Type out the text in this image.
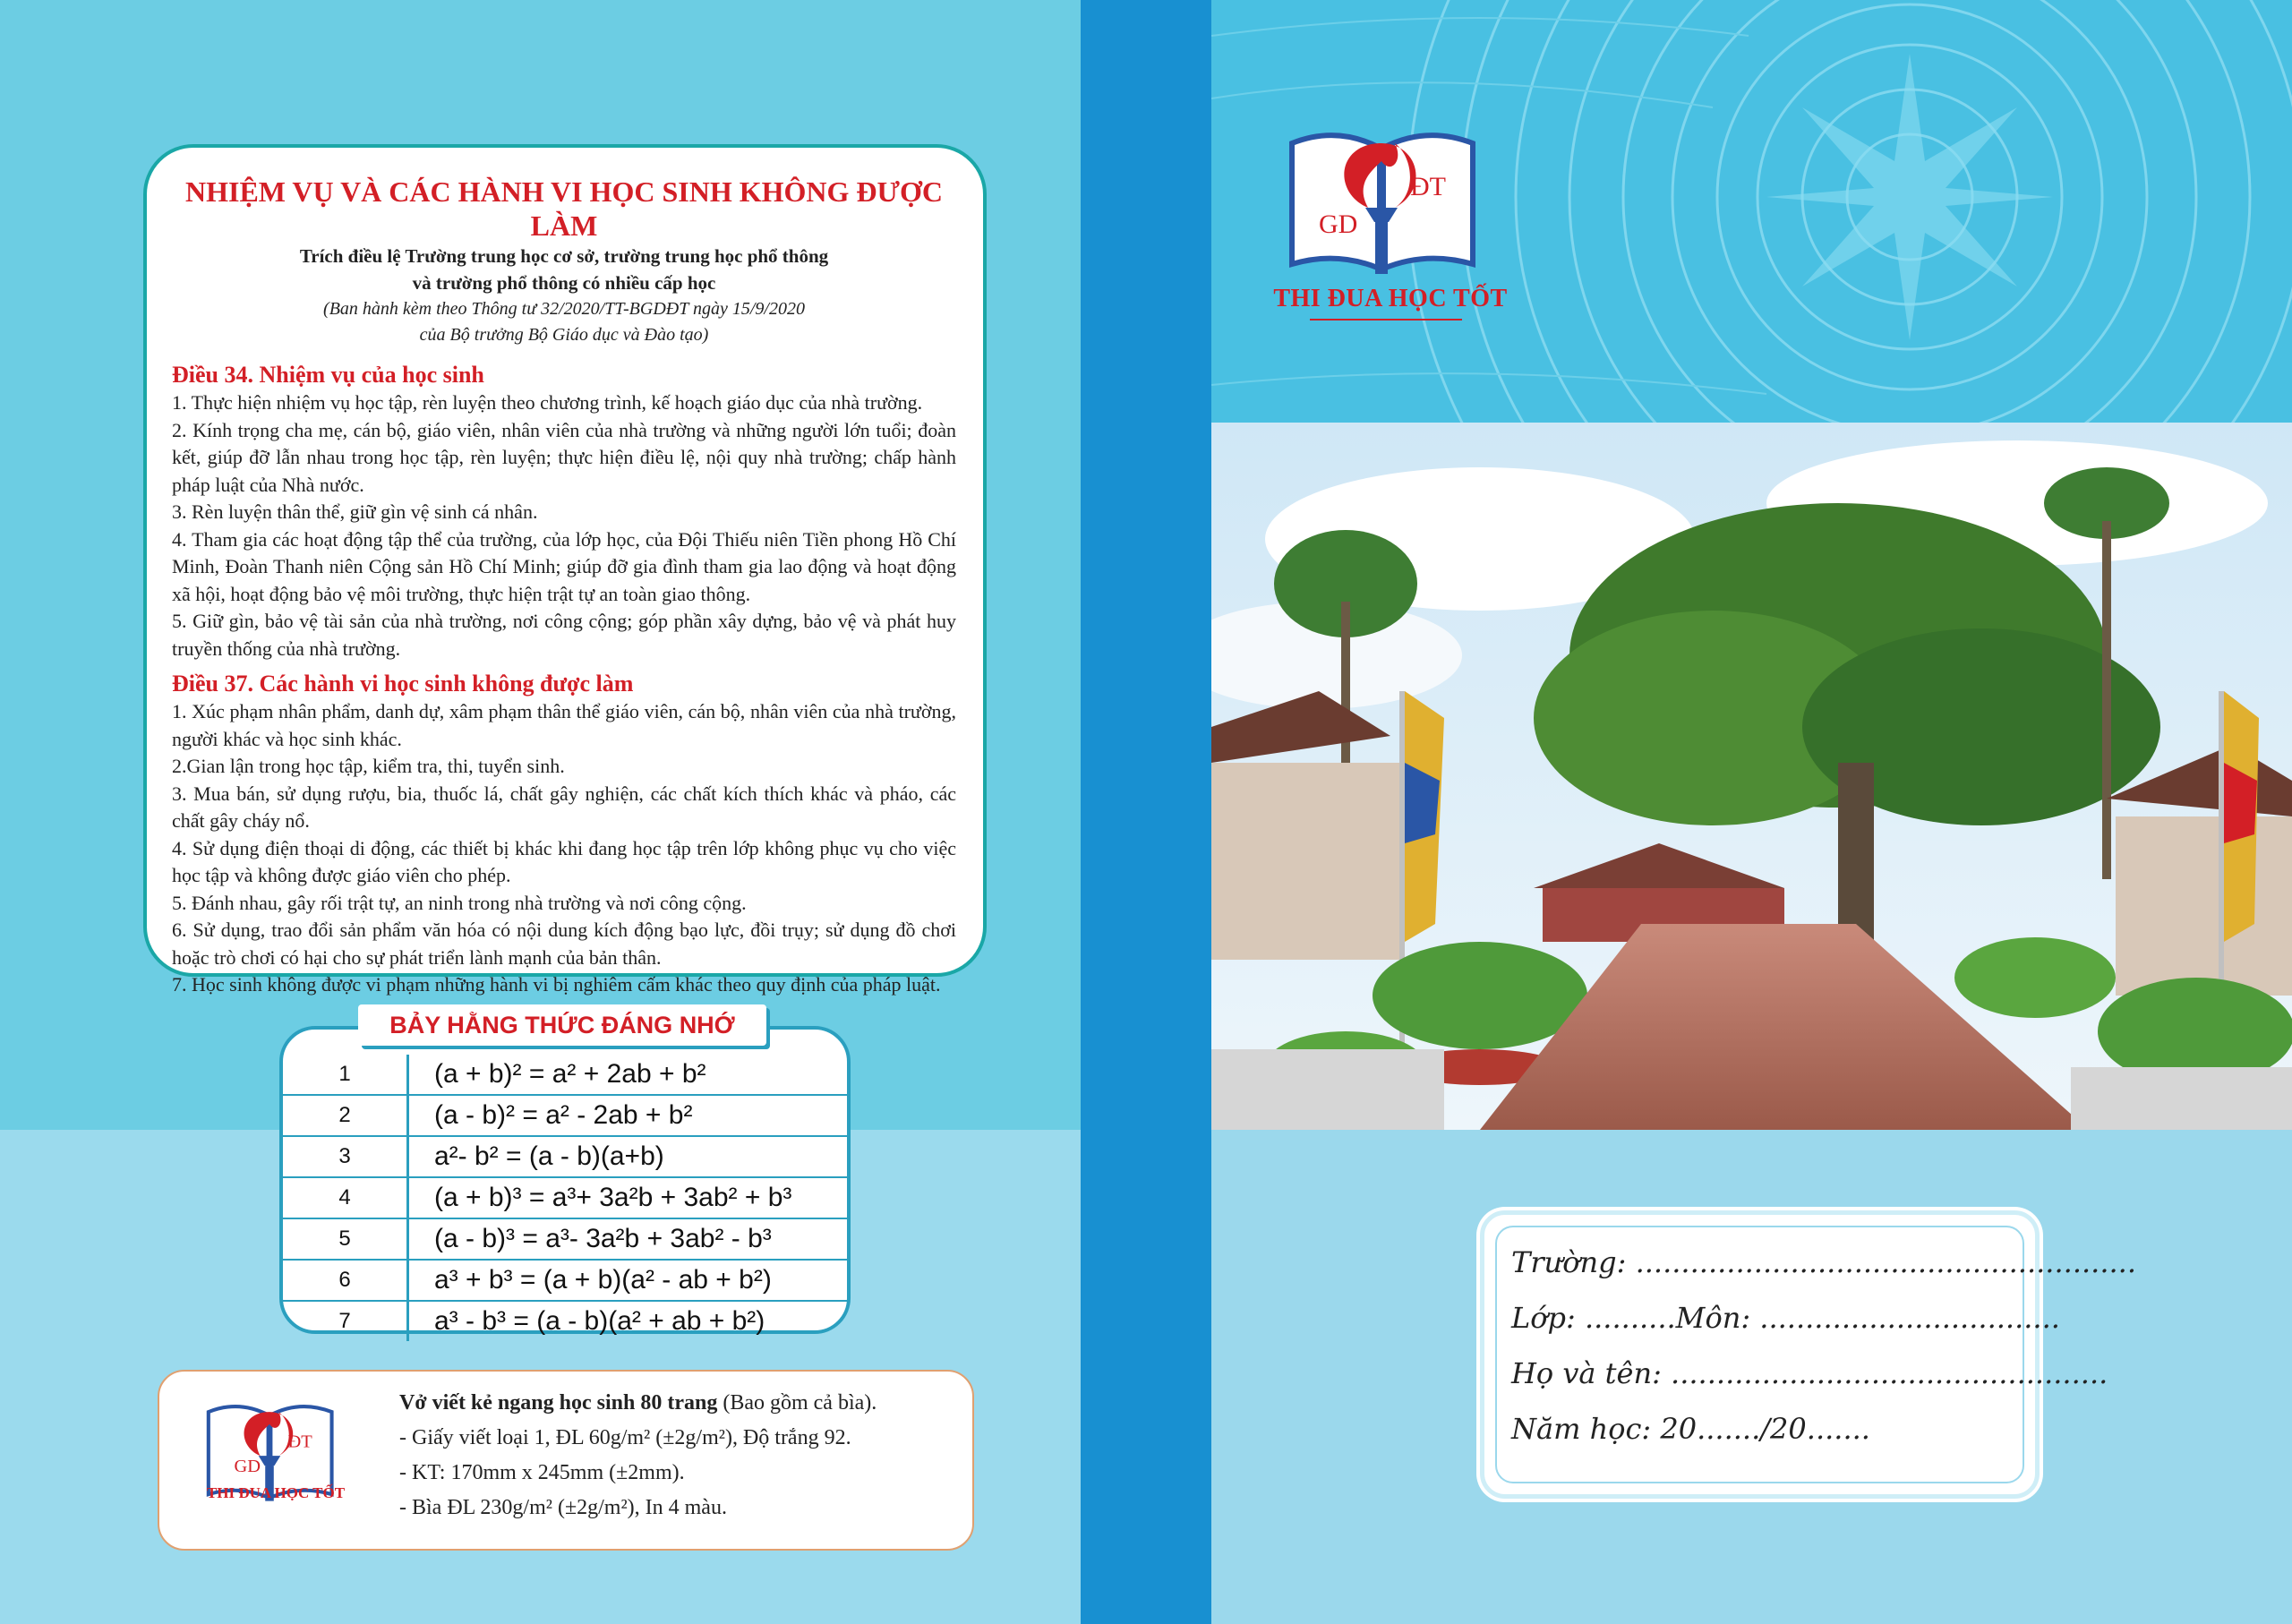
NHIỆM VỤ VÀ CÁC HÀNH VI HỌC SINH KHÔNG ĐƯỢC LÀM

Trích điều lệ Trường trung học cơ sở, trường trung học phổ thông

và trường phổ thông có nhiều cấp học

(Ban hành kèm theo Thông tư 32/2020/TT-BGDĐT ngày 15/9/2020

của Bộ trưởng Bộ Giáo dục và Đào tạo)

Điều 34. Nhiệm vụ của học sinh

1. Thực hiện nhiệm vụ học tập, rèn luyện theo chương trình, kế hoạch giáo dục của nhà trường.

2. Kính trọng cha mẹ, cán bộ, giáo viên, nhân viên của nhà trường và những người lớn tuổi; đoàn kết, giúp đỡ lẫn nhau trong học tập, rèn luyện; thực hiện điều lệ, nội quy nhà trường; chấp hành pháp luật của Nhà nước.

3. Rèn luyện thân thể, giữ gìn vệ sinh cá nhân.

4. Tham gia các hoạt động tập thể của trường, của lớp học, của Đội Thiếu niên Tiền phong Hồ Chí Minh, Đoàn Thanh niên Cộng sản Hồ Chí Minh; giúp đỡ gia đình tham gia lao động và hoạt động xã hội, hoạt động bảo vệ môi trường, thực hiện trật tự an toàn giao thông.

5. Giữ gìn, bảo vệ tài sản của nhà trường, nơi công cộng; góp phần xây dựng, bảo vệ và phát huy truyền thống của nhà trường.

Điều 37. Các hành vi học sinh không được làm

1. Xúc phạm nhân phẩm, danh dự, xâm phạm thân thể giáo viên, cán bộ, nhân viên của nhà trường, người khác và học sinh khác.

2.Gian lận trong học tập, kiểm tra, thi, tuyển sinh.

3. Mua bán, sử dụng rượu, bia, thuốc lá, chất gây nghiện, các chất kích thích khác và pháo, các chất gây cháy nổ.

4. Sử dụng điện thoại di động, các thiết bị khác khi đang học tập trên lớp không phục vụ cho việc học tập và không được giáo viên cho phép.

5. Đánh nhau, gây rối trật tự, an ninh trong nhà trường và nơi công cộng.

6. Sử dụng, trao đổi sản phẩm văn hóa có nội dung kích động bạo lực, đồi trụy; sử dụng đồ chơi hoặc trò chơi có hại cho sự phát triển lành mạnh của bản thân.

7. Học sinh không được vi phạm những hành vi bị nghiêm cấm khác theo quy định của pháp luật.

BẢY HẰNG THỨC ĐÁNG NHỚ
1	(a + b)² = a² + 2ab + b²
2	(a - b)² = a² - 2ab + b²
3	a²- b² = (a - b)(a+b)
4	(a + b)³ = a³+ 3a²b + 3ab² + b³
5	(a - b)³ = a³- 3a²b + 3ab² - b³
6	a³ + b³ = (a + b)(a² - ab + b²)
7	a³ - b³ = (a - b)(a² + ab + b²)
GD
ĐT
THI ĐUA HỌC TỐT
Vở viết kẻ ngang học sinh 80 trang (Bao gồm cả bìa).
- Giấy viết loại 1, ĐL 60g/m² (±2g/m²), Độ trắng 92.
- KT: 170mm x 245mm (±2mm).
- Bìa ĐL 230g/m² (±2g/m²), In 4 màu.
GD
ĐT
THI ĐUA HỌC TỐT
Trường: .......................................................
Lớp: ..........Môn: .................................
Họ và tên: ................................................
Năm học: 20......./20.......
